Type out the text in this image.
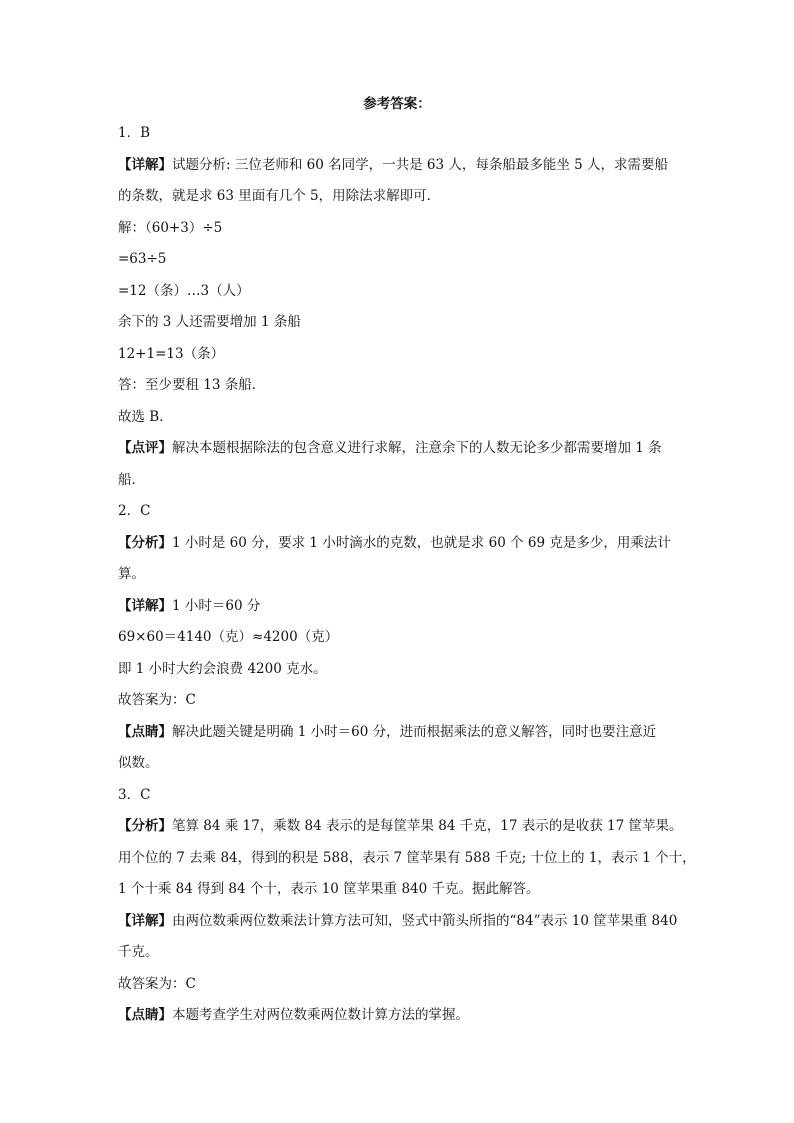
参考答案：
1．B
【详解】试题分析: 三位老师和 60 名同学，一共是 63 人，每条船最多能坐 5 人，求需要船
的条数，就是求 63 里面有几个 5，用除法求解即可．
解：（60+3）÷5
=63÷5
=12（条）…3（人）
余下的 3 人还需要增加 1 条船
12+1=13（条）
答：至少要租 13 条船．
故选 B．
【点评】解决本题根据除法的包含意义进行求解，注意余下的人数无论多少都需要增加 1 条
船．
2．C
【分析】1 小时是 60 分，要求 1 小时滴水的克数，也就是求 60 个 69 克是多少，用乘法计
算。
【详解】1 小时＝60 分
69×60＝4140（克）≈4200（克）
即 1 小时大约会浪费 4200 克水。
故答案为：C
【点睛】解决此题关键是明确 1 小时＝60 分，进而根据乘法的意义解答，同时也要注意近
似数。
3．C
【分析】笔算 84 乘 17，乘数 84 表示的是每筐苹果 84 千克，17 表示的是收获 17 筐苹果。
用个位的 7 去乘 84，得到的积是 588，表示 7 筐苹果有 588 千克; 十位上的 1，表示 1 个十，
1 个十乘 84 得到 84 个十，表示 10 筐苹果重 840 千克。据此解答。
【详解】由两位数乘两位数乘法计算方法可知，竖式中箭头所指的“84”表示 10 筐苹果重 840
千克。
故答案为：C
【点睛】本题考查学生对两位数乘两位数计算方法的掌握。
